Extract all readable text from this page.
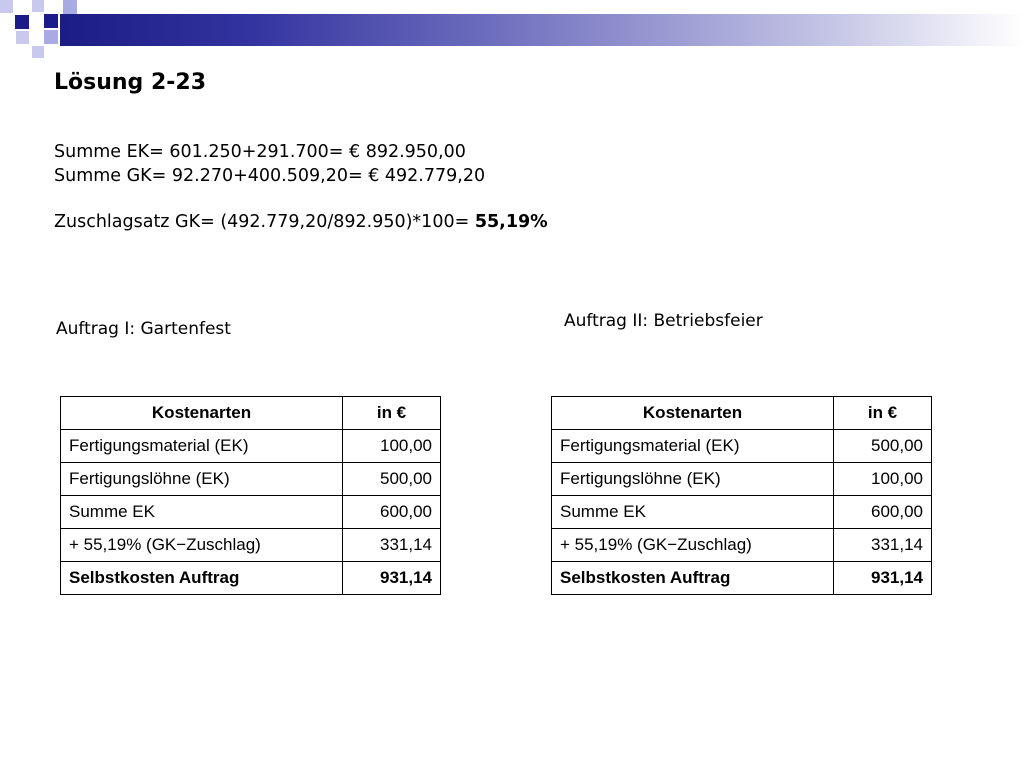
Lösung 2-23
Summe EK= 601.250+291.700= € 892.950,00
Summe GK= 92.270+400.509,20= € 492.779,20
Zuschlagsatz GK= (492.779,20/892.950)*100= 55,19%
Auftrag I: Gartenfest	Auftrag II: Betriebsfeier
Kostenarten	in €
Fertigungsmaterial (EK)	100,00
Fertigungslöhne (EK)	500,00
Summe EK	600,00
+ 55,19% (GK−Zuschlag)	331,14
Selbstkosten Auftrag	931,14
Kostenarten	in €
Fertigungsmaterial (EK)	500,00
Fertigungslöhne (EK)	100,00
Summe EK	600,00
+ 55,19% (GK−Zuschlag)	331,14
Selbstkosten Auftrag	931,14
